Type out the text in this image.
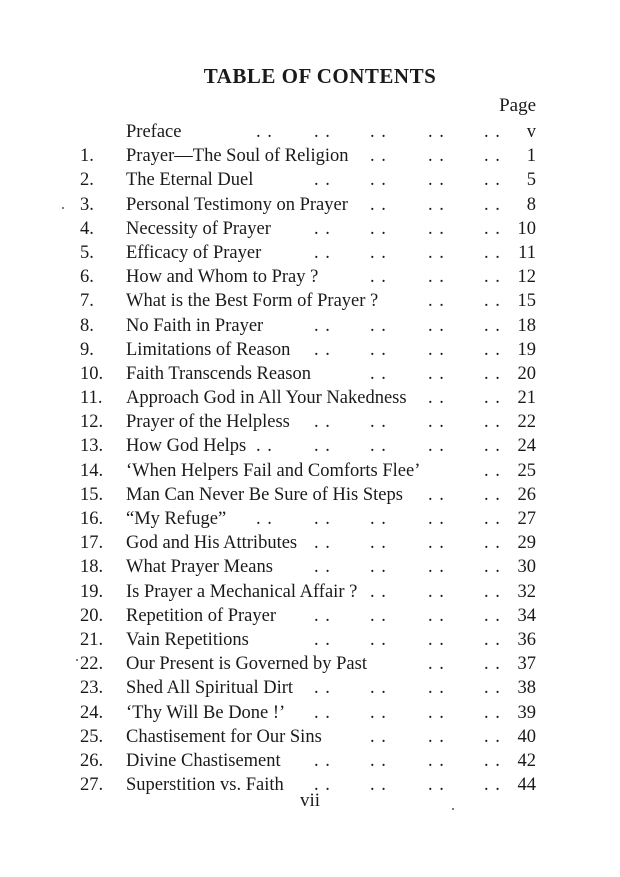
TABLE OF CONTENTS
Page
Preface	v
. . . . . . . . . .
1.	Prayer—The Soul of Religion	1
. . . . . .
2.	The Eternal Duel	5
. . . . . . . .
3.	Personal Testimony on Prayer	8
. . . . . .
4.	Necessity of Prayer	10
. . . . . . . .
5.	Efficacy of Prayer	11
. . . . . . . .
6.	How and Whom to Pray ?	12
. . . . . .
7.	What is the Best Form of Prayer ?	15
. . . .
8.	No Faith in Prayer	18
. . . . . . . .
9.	Limitations of Reason	19
. . . . . . . .
10.	Faith Transcends Reason	20
. . . . . .
11.	Approach God in All Your Nakedness	21
. . . .
12.	Prayer of the Helpless	22
. . . . . . . .
13.	How God Helps	24
. . . . . . . . . .
14.	‘When Helpers Fail and Comforts Flee’	25
. .
15.	Man Can Never Be Sure of His Steps	26
. . . .
16.	“My Refuge”	27
. . . . . . . . . .
17.	God and His Attributes	29
. . . . . . . .
18.	What Prayer Means	30
. . . . . . . .
19.	Is Prayer a Mechanical Affair ?	32
. . . . . .
20.	Repetition of Prayer	34
. . . . . . . .
21.	Vain Repetitions	36
. . . . . . . .
22.	Our Present is Governed by Past	37
. . . .
23.	Shed All Spiritual Dirt	38
. . . . . . . .
24.	‘Thy Will Be Done !’	39
. . . . . . . .
25.	Chastisement for Our Sins	40
. . . . . .
26.	Divine Chastisement	42
. . . . . . . .
27.	Superstition vs. Faith	44
. . . . . . . .
vii
